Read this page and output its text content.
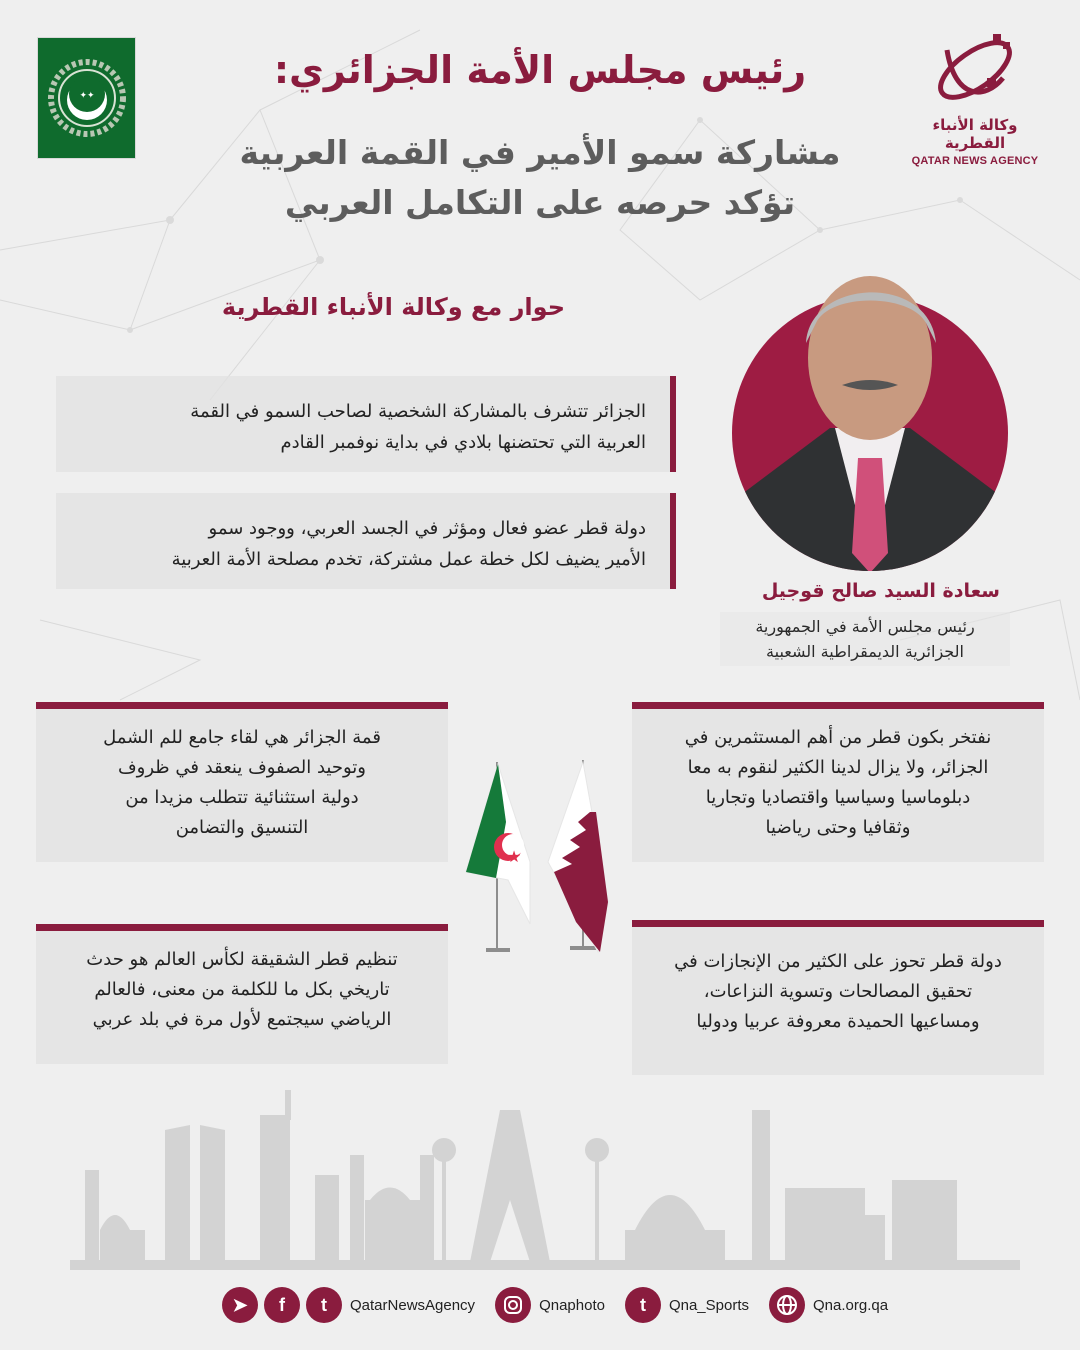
وكالة الأنباء القطرية
QATAR NEWS AGENCY
✦✦
رئيس مجلس الأمة الجزائري:
مشاركة سمو الأمير في القمة العربية
تؤكد حرصه على التكامل العربي
حوار مع وكالة الأنباء القطرية
سعادة السيد صالح قوجيل
رئيس مجلس الأمة في الجمهورية
الجزائرية الديمقراطية الشعبية
الجزائر تتشرف بالمشاركة الشخصية لصاحب السمو في القمة
العربية التي تحتضنها بلادي في بداية نوفمبر القادم
دولة قطر عضو فعال ومؤثر في الجسد العربي، ووجود سمو
الأمير يضيف لكل خطة عمل مشتركة، تخدم مصلحة الأمة العربية
قمة الجزائر هي لقاء جامع للم الشمل
وتوحيد الصفوف ينعقد في ظروف
دولية استثنائية تتطلب مزيدا من
التنسيق والتضامن
نفتخر بكون قطر من أهم المستثمرين في
الجزائر، ولا يزال لدينا الكثير لنقوم به معا
دبلوماسيا وسياسيا واقتصاديا وتجاريا
وثقافيا وحتى رياضيا
تنظيم قطر الشقيقة لكأس العالم هو حدث
تاريخي بكل ما للكلمة من معنى، فالعالم
الرياضي سيجتمع لأول مرة في بلد عربي
دولة قطر تحوز على الكثير من الإنجازات في
تحقيق المصالحات وتسوية النزاعات،
ومساعيها الحميدة معروفة عربيا ودوليا
★
➤	f	t	QatarNewsAgency	Qnaphoto	t	Qna_Sports	Qna.org.qa
